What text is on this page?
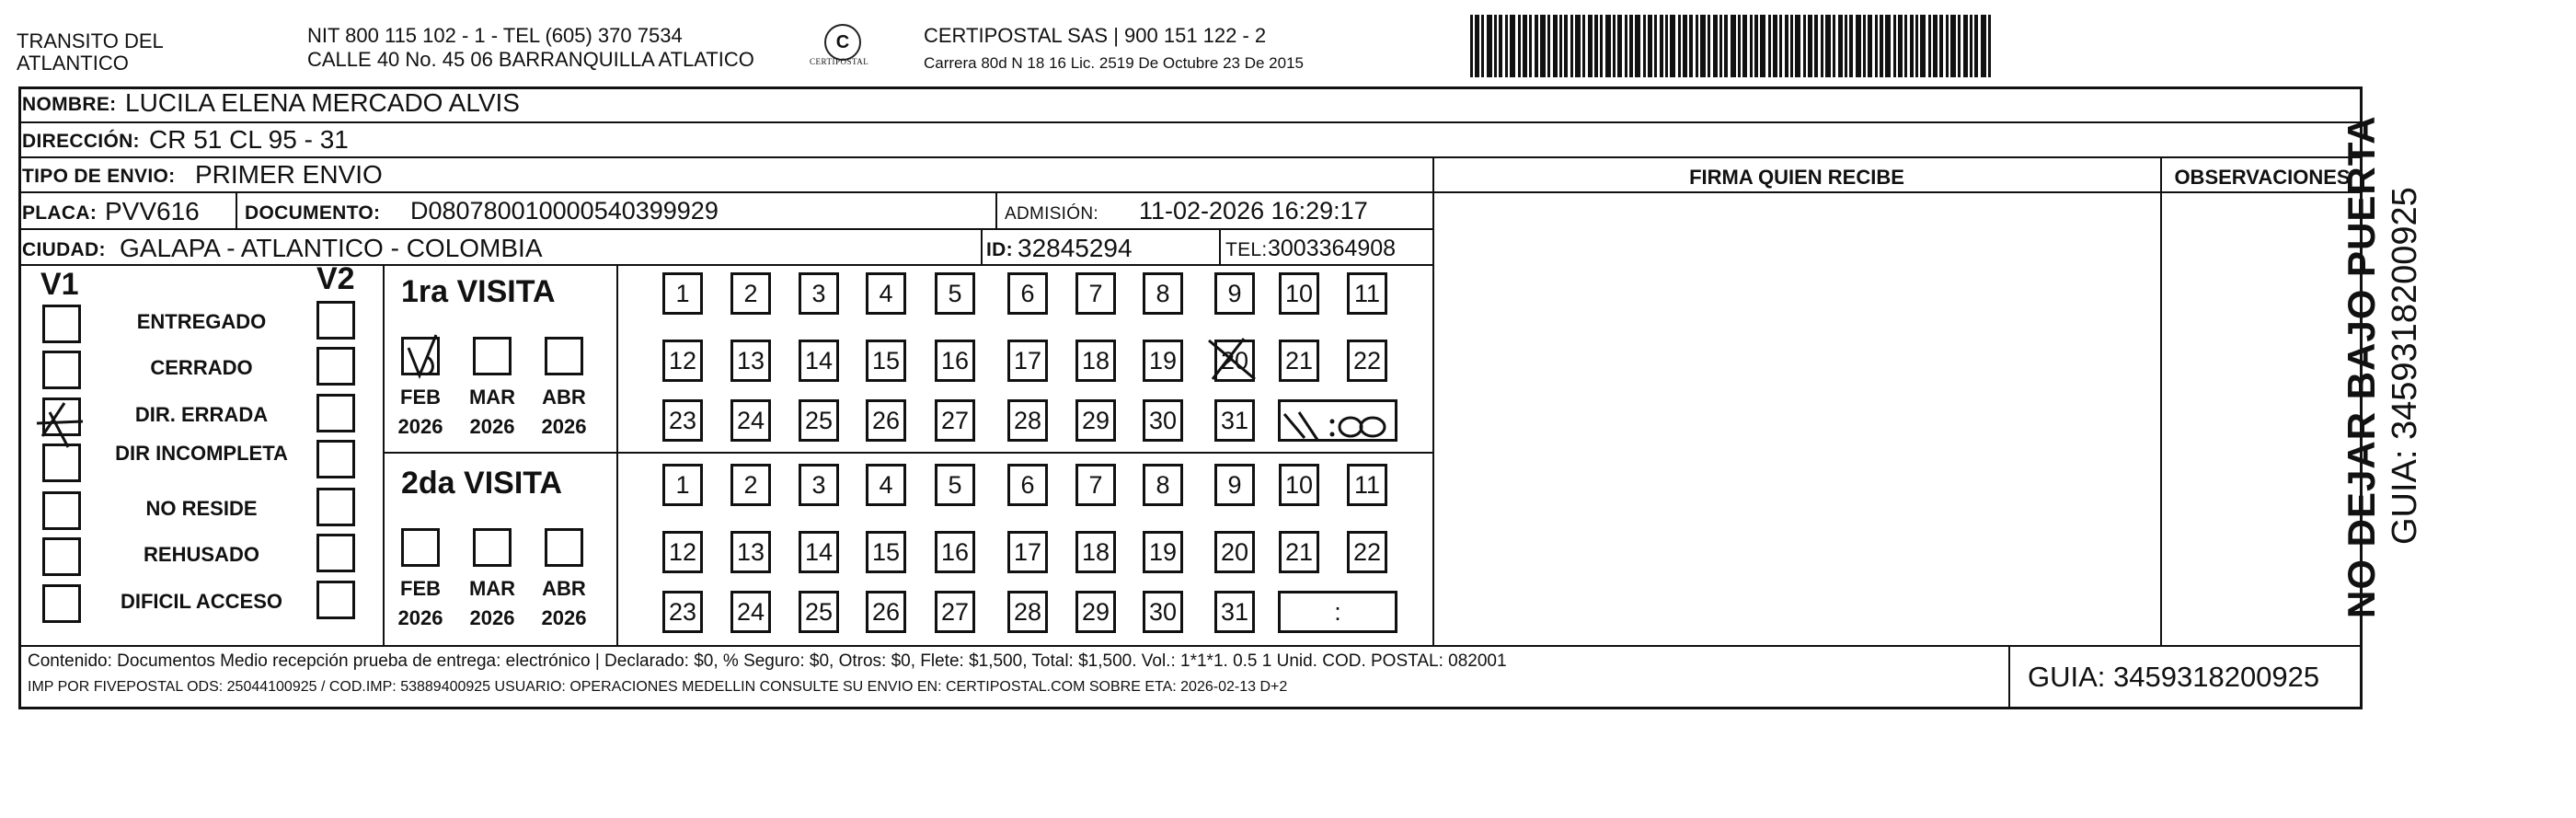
TRANSITO DEL
ATLANTICO
NIT 800 115 102 - 1 - TEL (605) 370 7534
CALLE 40 No. 45 06 BARRANQUILLA ATLATICO
C
CERTIPOSTAL
CERTIPOSTAL SAS | 900 151 122 - 2
Carrera 80d N 18 16 Lic. 2519 De Octubre 23 De 2015
NOMBRE: LUCILA ELENA MERCADO ALVIS
DIRECCIÓN: CR 51 CL 95 - 31
TIPO DE ENVIO: PRIMER ENVIO	FIRMA QUIEN RECIBE	OBSERVACIONES
PLACA: PVV616 DOCUMENTO: D080780010000540399929	ADMISIÓN: 11-02-2026 16:29:17
CIUDAD: GALAPA - ATLANTICO - COLOMBIA	ID: 32845294	TEL: 3003364908
V1	V2
ENTREGADO
CERRADO
DIR. ERRADA
DIR INCOMPLETA
NO RESIDE
REHUSADO
DIFICIL ACCESO
1ra VISITA
2da VISITA
FEB
2026
MAR
2026
ABR
2026
1	2	3	4	5	6	7	8	9	10 11
12 13 14 15 16 17 18 19 20 21 22
23 24 25 26 27 28 29 30 31
FEB
2026
MAR
2026
ABR
2026
1	2	3	4	5	6	7	8	9	10 11
12 13 14 15 16 17 18 19 20 21 22
23 24 25 26 27 28 29 30 31	:
Contenido: Documentos Medio recepción prueba de entrega: electrónico | Declarado: $0, % Seguro: $0, Otros: $0, Flete: $1,500, Total: $1,500. Vol.: 1*1*1. 0.5 1 Unid. COD. POSTAL: 082001
IMP POR FIVEPOSTAL ODS: 25044100925 / COD.IMP: 53889400925 USUARIO: OPERACIONES MEDELLIN CONSULTE SU ENVIO EN: CERTIPOSTAL.COM SOBRE ETA: 2026-02-13 D+2	GUIA: 3459318200925
NO DEJAR BAJO PUERTA GUIA: 3459318200925
